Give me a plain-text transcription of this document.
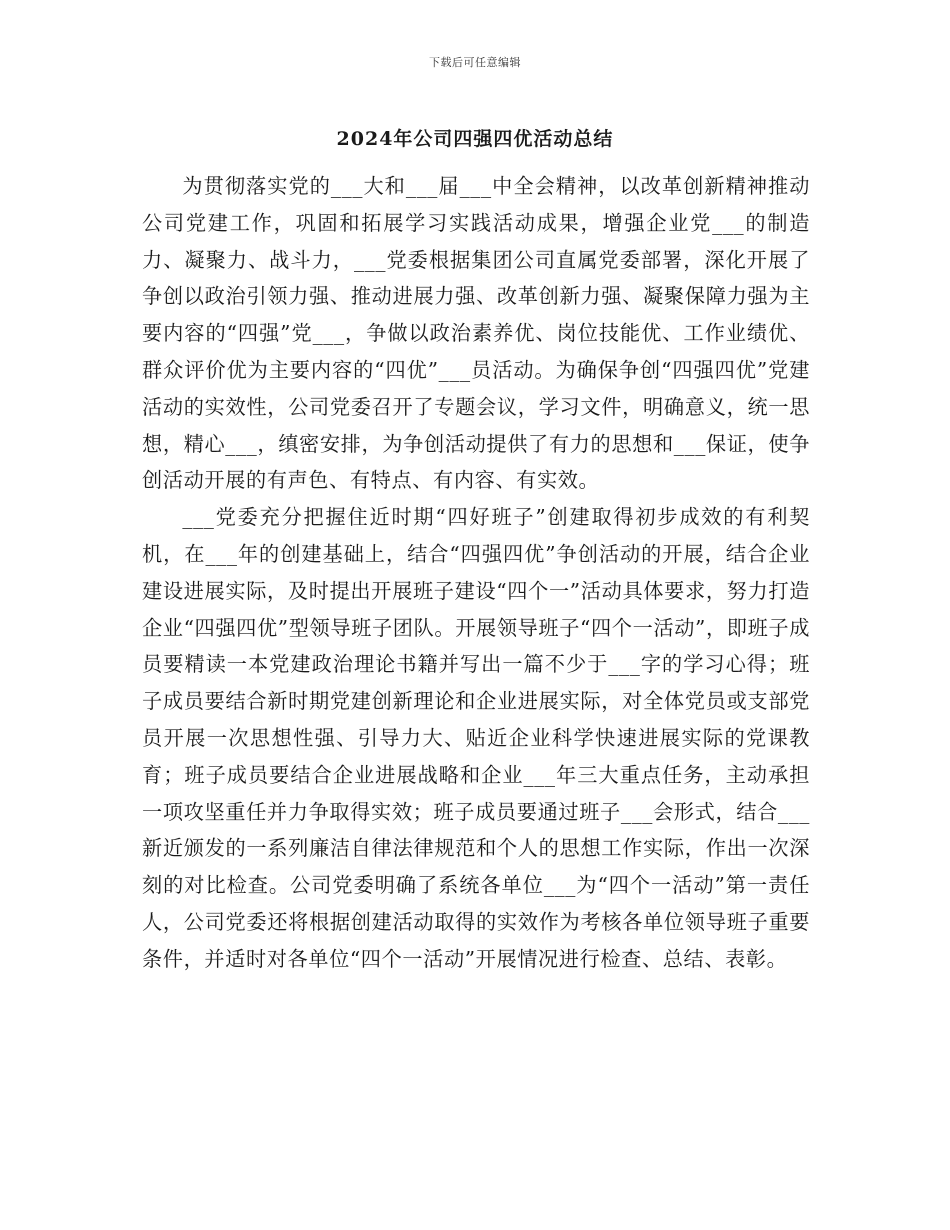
下载后可任意编辑
2024年公司四强四优活动总结

为贯彻落实党的___大和___届___中全会精神，以改革创新精神推动公司党建工作，巩固和拓展学习实践活动成果，增强企业党___的制造力、凝聚力、战斗力，___党委根据集团公司直属党委部署，深化开展了争创以政治引领力强、推动进展力强、改革创新力强、凝聚保障力强为主要内容的“四强”党___，争做以政治素养优、岗位技能优、工作业绩优、群众评价优为主要内容的“四优”___员活动。为确保争创“四强四优”党建活动的实效性，公司党委召开了专题会议，学习文件，明确意义，统一思想，精心___，缜密安排，为争创活动提供了有力的思想和___保证，使争创活动开展的有声色、有特点、有内容、有实效。

___党委充分把握住近时期“四好班子”创建取得初步成效的有利契机，在___年的创建基础上，结合“四强四优”争创活动的开展，结合企业建设进展实际，及时提出开展班子建设“四个一”活动具体要求，努力打造企业“四强四优”型领导班子团队。开展领导班子“四个一活动”，即班子成员要精读一本党建政治理论书籍并写出一篇不少于___字的学习心得；班子成员要结合新时期党建创新理论和企业进展实际，对全体党员或支部党员开展一次思想性强、引导力大、贴近企业科学快速进展实际的党课教育；班子成员要结合企业进展战略和企业___年三大重点任务，主动承担一项攻坚重任并力争取得实效；班子成员要通过班子___会形式，结合___新近颁发的一系列廉洁自律法律规范和个人的思想工作实际，作出一次深刻的对比检查。公司党委明确了系统各单位___为“四个一活动”第一责任人，公司党委还将根据创建活动取得的实效作为考核各单位领导班子重要条件，并适时对各单位“四个一活动”开展情况进行检查、总结、表彰。
